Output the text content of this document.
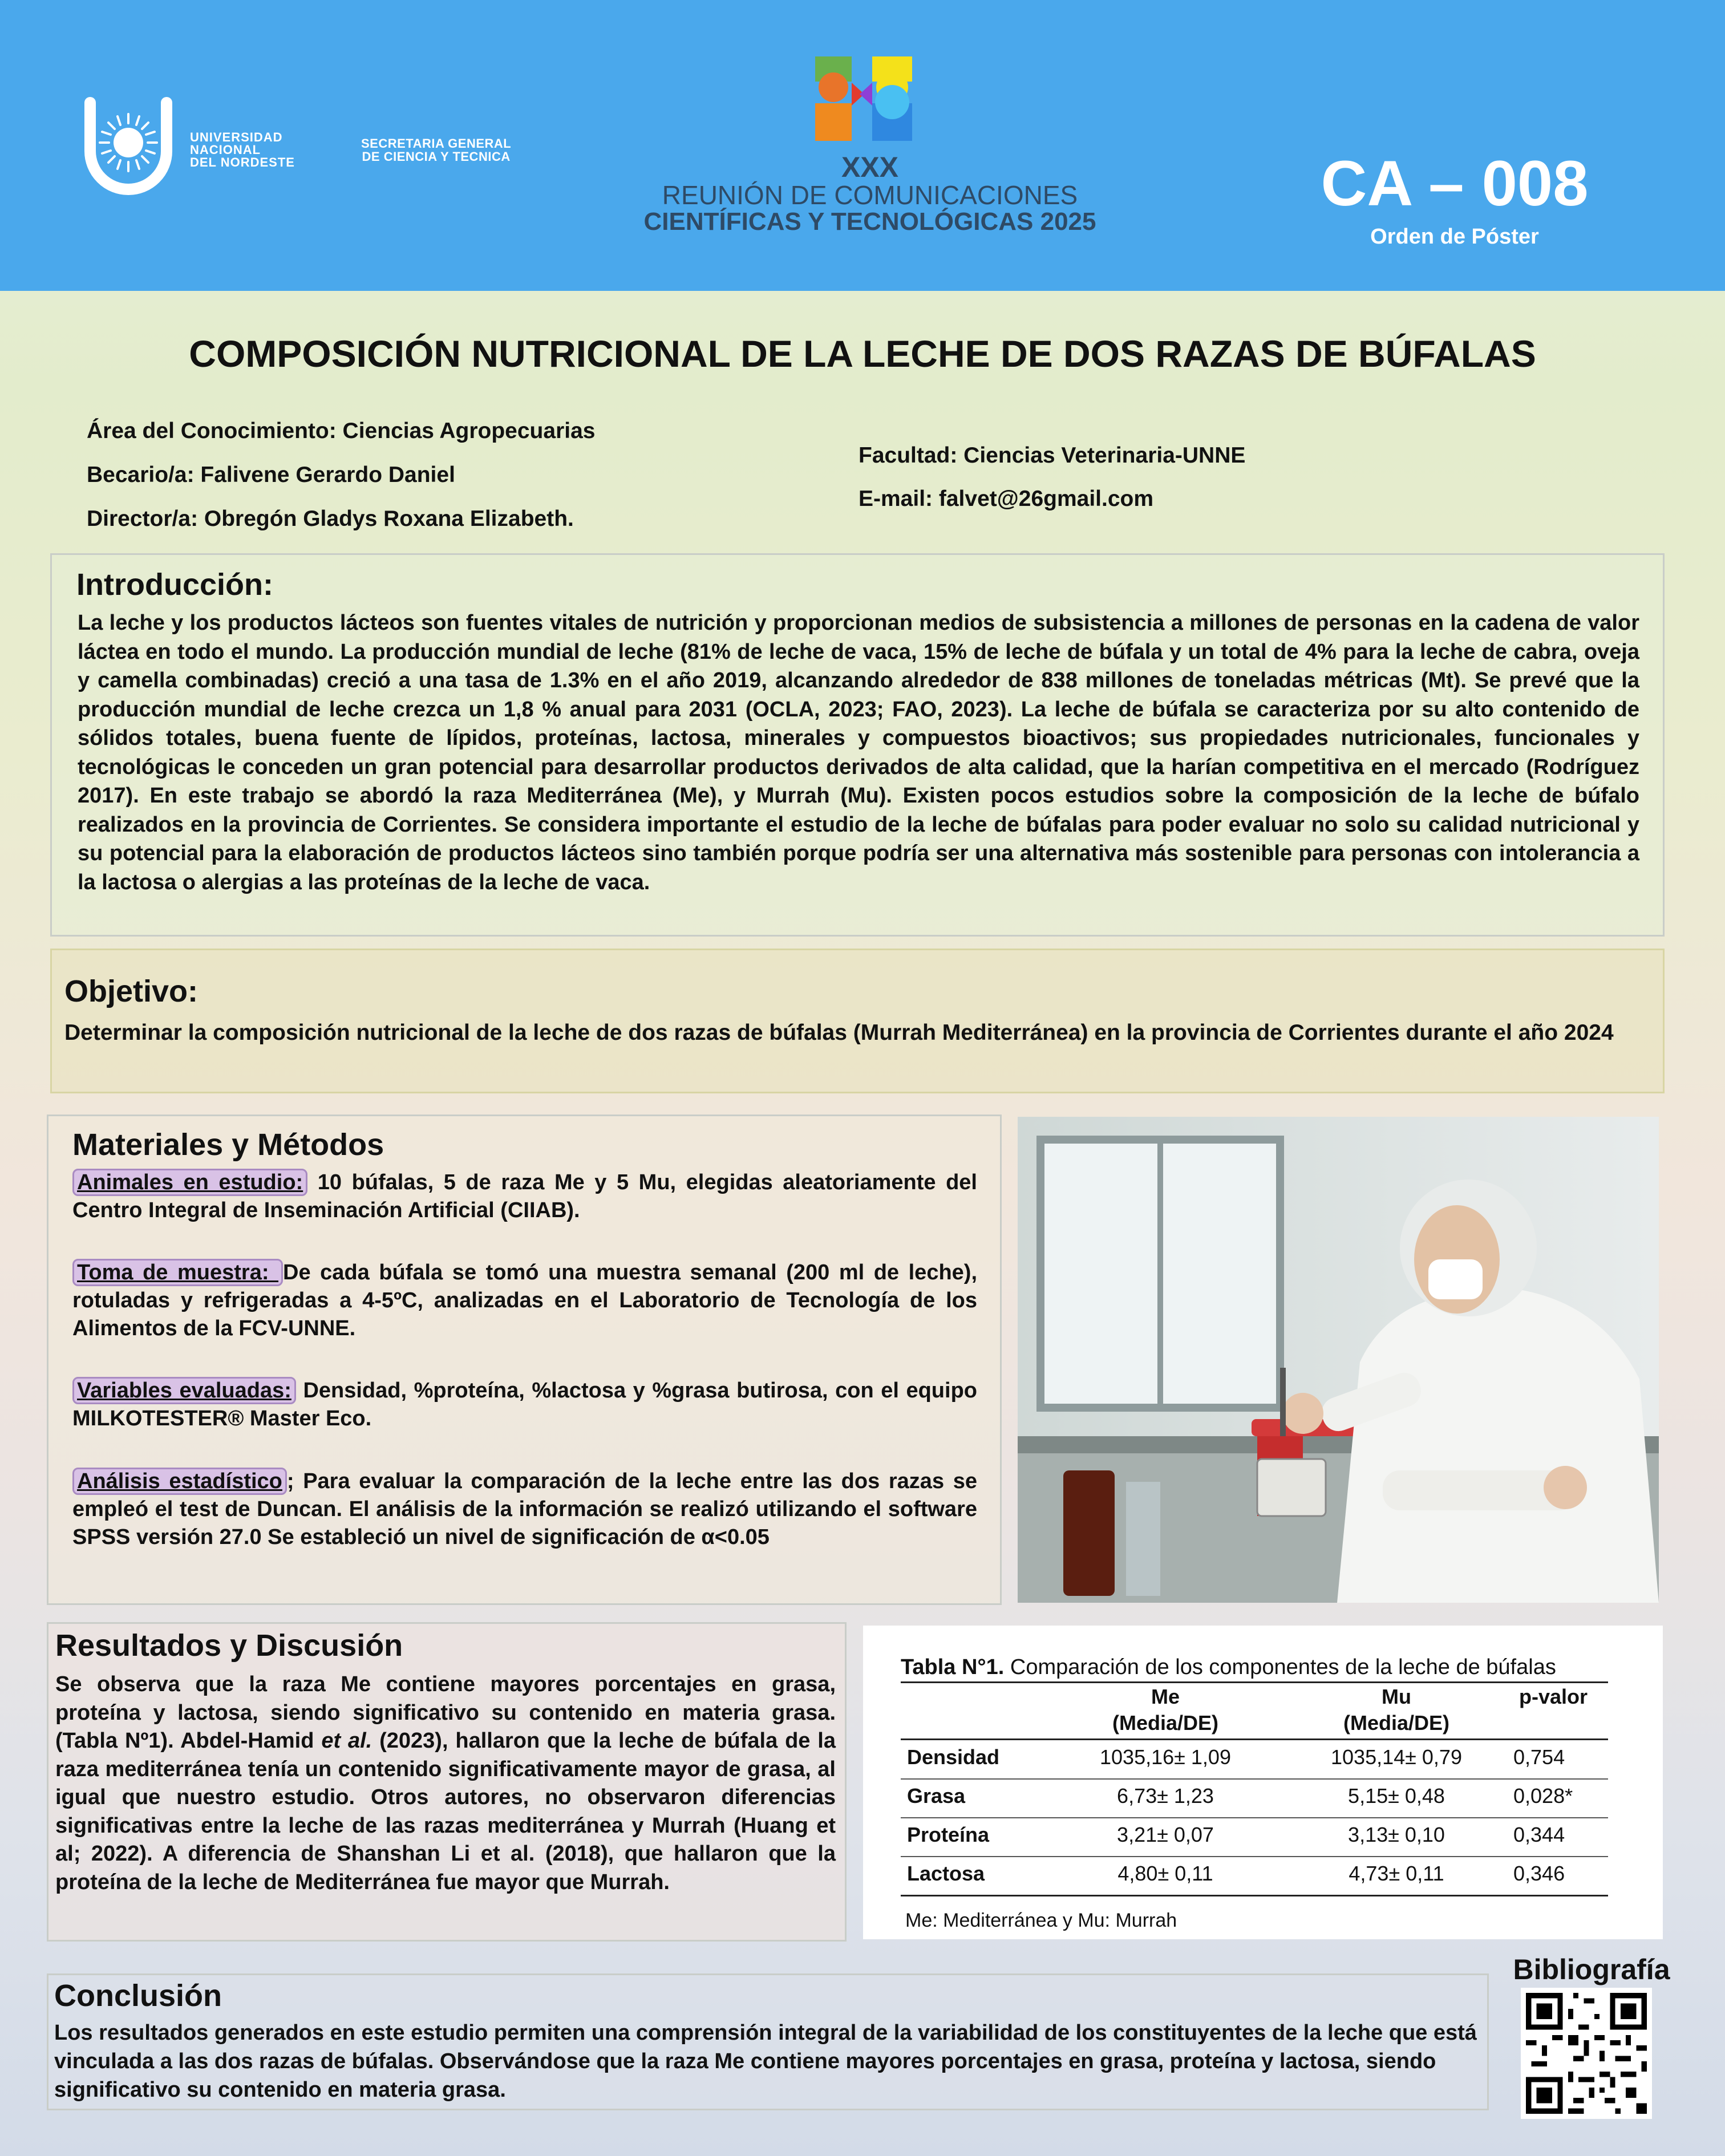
UNIVERSIDAD
NACIONAL
DEL NORDESTE
SECRETARIA GENERAL
DE CIENCIA Y TECNICA	XXX
REUNIÓN DE COMUNICACIONES
CIENTÍFICAS Y TECNOLÓGICAS 2025
CA – 008
Orden de Póster
COMPOSICIÓN NUTRICIONAL DE LA LECHE DE DOS RAZAS DE BÚFALAS
Área del Conocimiento: Ciencias Agropecuarias
Becario/a: Falivene Gerardo Daniel
Director/a: Obregón Gladys Roxana Elizabeth.
Facultad: Ciencias Veterinaria-UNNE
E-mail: falvet@26gmail.com
Introducción:
La leche y los productos lácteos son fuentes vitales de nutrición y proporcionan medios de subsistencia a millones de personas en la cadena de valor láctea en todo el mundo. La producción mundial de leche (81% de leche de vaca, 15% de leche de búfala y un total de 4% para la leche de cabra, oveja y camella combinadas) creció a una tasa de 1.3% en el año 2019, alcanzando alrededor de 838 millones de toneladas métricas (Mt). Se prevé que la producción mundial de leche crezca un 1,8 % anual para 2031 (OCLA, 2023; FAO, 2023). La leche de búfala se caracteriza por su alto contenido de sólidos totales, buena fuente de lípidos, proteínas, lactosa, minerales y compuestos bioactivos; sus propiedades nutricionales, funcionales y tecnológicas le conceden un gran potencial para desarrollar productos derivados de alta calidad, que la harían competitiva en el mercado (Rodríguez 2017). En este trabajo se abordó la raza Mediterránea (Me), y Murrah (Mu). Existen pocos estudios sobre la composición de la leche de búfalo realizados en la provincia de Corrientes. Se considera importante el estudio de la leche de búfalas para poder evaluar no solo su calidad nutricional y su potencial para la elaboración de productos lácteos sino también porque podría ser una alternativa más sostenible para personas con intolerancia a la lactosa o alergias a las proteínas de la leche de vaca.
Objetivo:
Determinar la composición nutricional de la leche de dos razas de búfalas (Murrah Mediterránea) en la provincia de Corrientes durante el año 2024
Materiales y Métodos
Animales en estudio: 10 búfalas, 5 de raza Me y 5 Mu, elegidas aleatoriamente del Centro Integral de Inseminación Artificial (CIIAB).
Toma de muestra: De cada búfala se tomó una muestra semanal (200 ml de leche), rotuladas y refrigeradas a 4-5ºC, analizadas en el Laboratorio de Tecnología de los Alimentos de la FCV-UNNE.
Variables evaluadas: Densidad, %proteína, %lactosa y %grasa butirosa, con el equipo MILKOTESTER® Master Eco.
Análisis estadístico ; Para evaluar la comparación de la leche entre las dos razas se empleó el test de Duncan. El análisis de la información se realizó utilizando el software SPSS versión 27.0 Se estableció un nivel de significación de α<0.05
Resultados y Discusión
Se observa que la raza Me contiene mayores porcentajes en grasa, proteína y lactosa, siendo significativo su contenido en materia grasa. (Tabla Nº1). Abdel-Hamid et al. (2023), hallaron que la leche de búfala de la raza mediterránea tenía un contenido significativamente mayor de grasa, al igual que nuestro estudio. Otros autores, no observaron diferencias significativas entre la leche de las razas mediterránea y Murrah (Huang et al; 2022). A diferencia de Shanshan Li et al. (2018), que hallaron que la proteína de la leche de Mediterránea fue mayor que Murrah.
Tabla N°1. Comparación de los componentes de la leche de búfalas
Me
(Media/DE)
Mu
(Media/DE)
p-valor
Densidad	1035,16± 1,09	1035,14± 0,79	0,754
Grasa	6,73± 1,23	5,15± 0,48	0,028*
Proteína	3,21± 0,07	3,13± 0,10	0,344
Lactosa	4,80± 0,11	4,73± 0,11	0,346
Me: Mediterránea y Mu: Murrah
Conclusión
Los resultados generados en este estudio permiten una comprensión integral de la variabilidad de los constituyentes de la leche que está vinculada a las dos razas de búfalas. Observándose que la raza Me contiene mayores porcentajes en grasa, proteína y lactosa, siendo significativo su contenido en materia grasa.
Bibliografía
